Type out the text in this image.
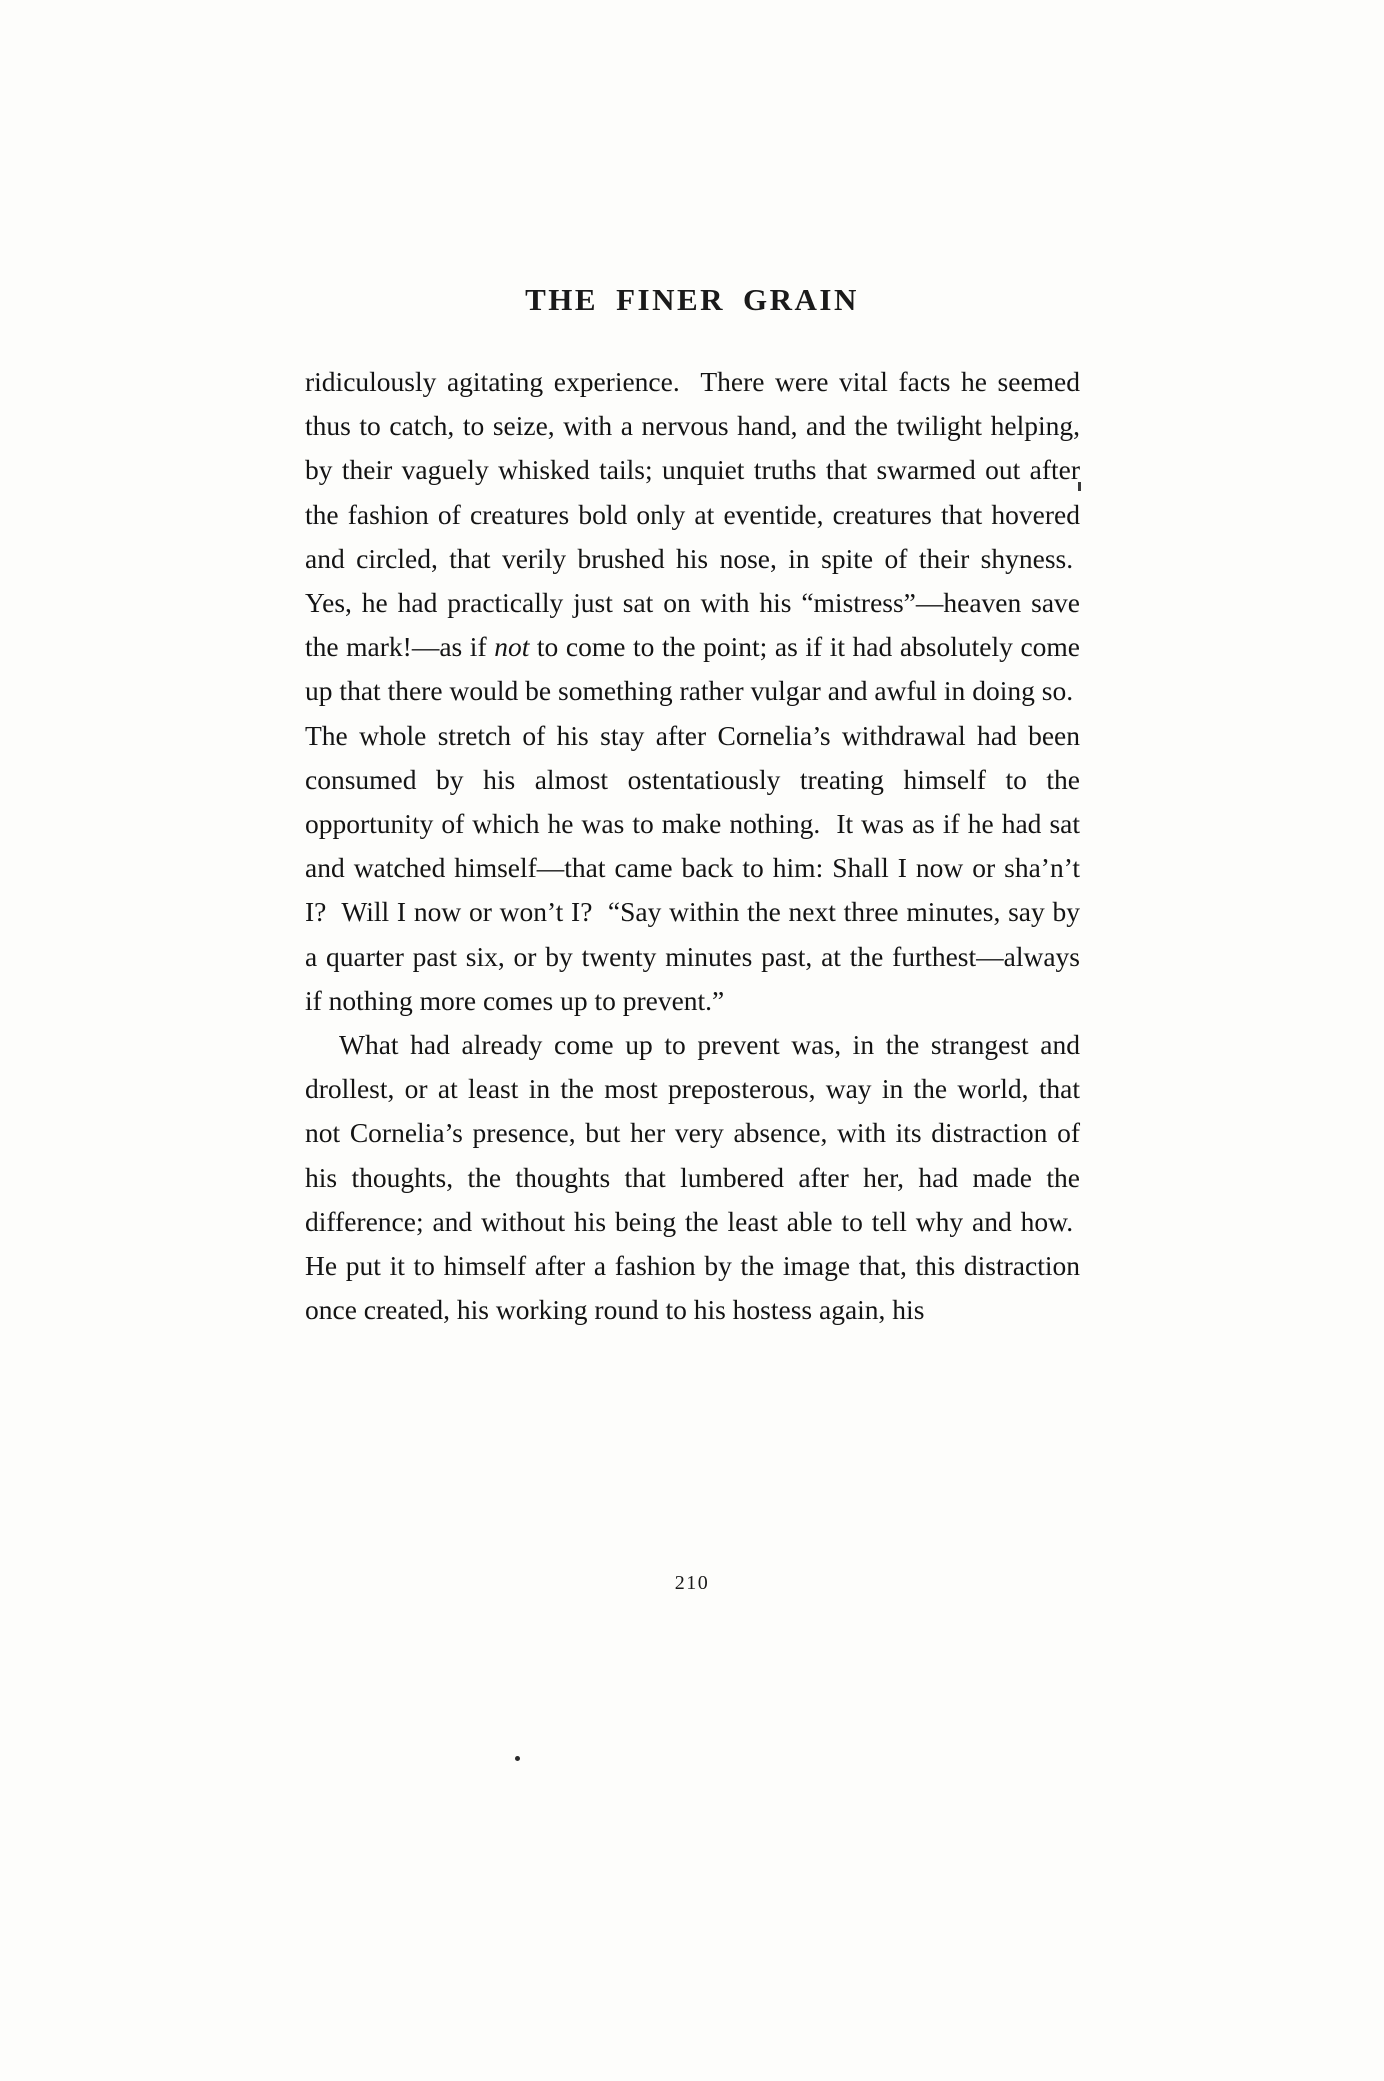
THE FINER GRAIN

ridiculously agitating experience.  There were vital facts he seemed thus to catch, to seize, with a nervous hand, and the twilight helping, by their vaguely whisked tails; unquiet truths that swarmed out after the fashion of creatures bold only at eventide, creatures that hovered and circled, that verily brushed his nose, in spite of their shyness.  Yes, he had practically just sat on with his “mistress”—heaven save the mark!—as if not to come to the point; as if it had absolutely come up that there would be something rather vulgar and awful in doing so.  The whole stretch of his stay after Cornelia’s withdrawal had been consumed by his almost ostentatiously treating himself to the opportunity of which he was to make nothing.  It was as if he had sat and watched himself—that came back to him: Shall I now or sha’n’t I?  Will I now or won’t I?  “Say within the next three minutes, say by a quarter past six, or by twenty minutes past, at the furthest—always if nothing more comes up to prevent.”

What had already come up to prevent was, in the strangest and drollest, or at least in the most preposterous, way in the world, that not Cornelia’s presence, but her very absence, with its distraction of his thoughts, the thoughts that lumbered after her, had made the difference; and without his being the least able to tell why and how.  He put it to himself after a fashion by the image that, this distraction once created, his working round to his hostess again, his

210
